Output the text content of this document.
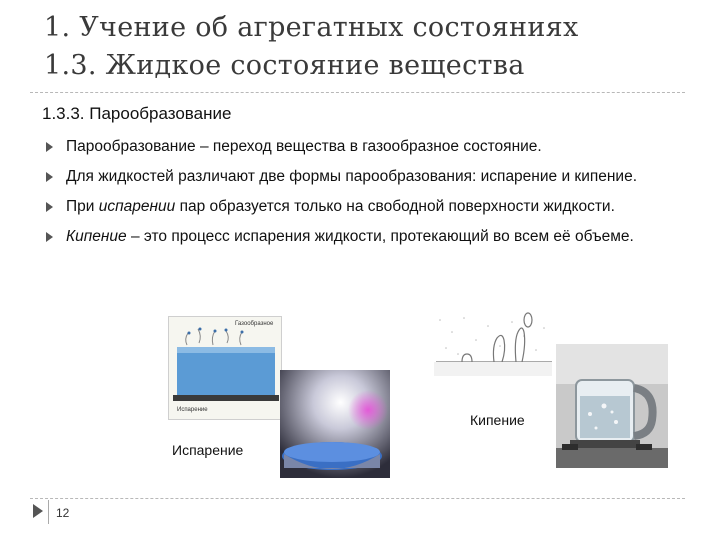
1. Учение об агрегатных состояниях
1.3. Жидкое состояние вещества
1.3.3. Парообразование
Парообразование – переход вещества в газообразное состояние.
Для жидкостей различают две формы парообразования: испарение и кипение.
При испарении пар образуется только на свободной поверхности жидкости.
Кипение – это процесс испарения жидкости, протекающий во всем её объеме.
Газообразное
Испарение
Кипение
Испарение
12
